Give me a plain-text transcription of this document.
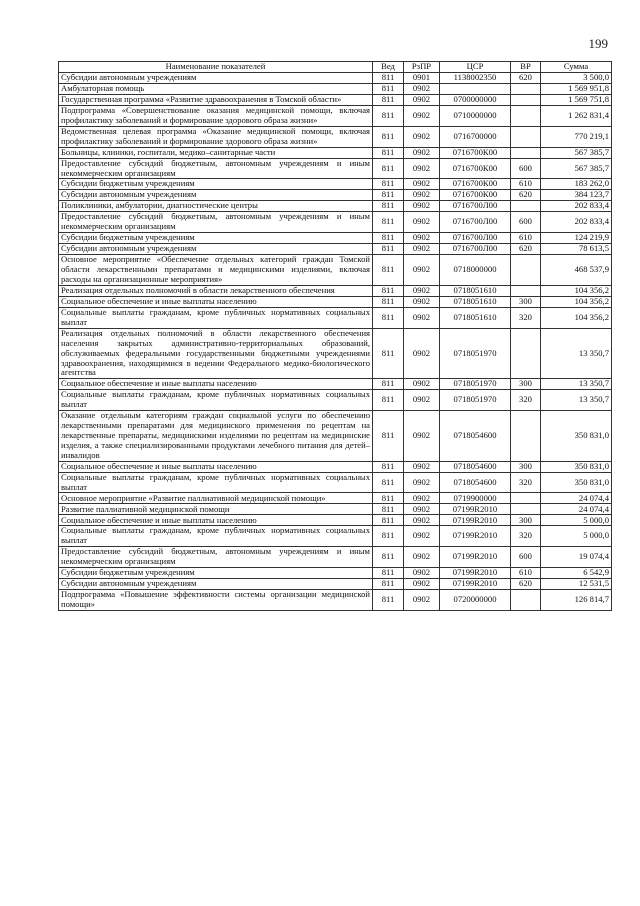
199
Наименование показателей	Вед	РзПР	ЦСР	ВР	Сумма
Субсидии автономным учреждениям	811	0901	1138002350	620	3 500,0
Амбулаторная помощь	811	0902			1 569 951,8
Государственная программа «Развитие здравоохранения в Томской области»	811	0902	0700000000		1 569 751,8
Подпрограмма «Совершенствование оказания медицинской помощи, включая профилактику заболеваний и формирование здорового образа жизни»	811	0902	0710000000		1 262 831,4
Ведомственная целевая программа «Оказание медицинской помощи, включая профилактику заболеваний и формирование здорового образа жизни»	811	0902	0716700000		770 219,1
Больницы, клиники, госпитали, медико–санитарные части	811	0902	0716700К00		567 385,7
Предоставление субсидий бюджетным, автономным учреждениям и иным некоммерческим организациям	811	0902	0716700К00	600	567 385,7
Субсидии бюджетным учреждениям	811	0902	0716700К00	610	183 262,0
Субсидии автономным учреждениям	811	0902	0716700К00	620	384 123,7
Поликлиники, амбулатории, диагностические центры	811	0902	0716700Л00		202 833,4
Предоставление субсидий бюджетным, автономным учреждениям и иным некоммерческим организациям	811	0902	0716700Л00	600	202 833,4
Субсидии бюджетным учреждениям	811	0902	0716700Л00	610	124 219,9
Субсидии автономным учреждениям	811	0902	0716700Л00	620	78 613,5
Основное мероприятие «Обеспечение отдельных категорий граждан Томской области лекарственными препаратами и медицинскими изделиями, включая расходы на организационные мероприятия»	811	0902	0718000000		468 537,9
Реализация отдельных полномочий в области лекарственного обеспечения	811	0902	0718051610		104 356,2
Социальное обеспечение и иные выплаты населению	811	0902	0718051610	300	104 356,2
Социальные выплаты гражданам, кроме публичных нормативных социальных выплат	811	0902	0718051610	320	104 356,2
Реализация отдельных полномочий в области лекарственного обеспечения населения закрытых административно-территориальных образований, обслуживаемых федеральными государственными бюджетными учреждениями здравоохранения, находящимися в ведении Федерального медико-биологического агентства	811	0902	0718051970		13 350,7
Социальное обеспечение и иные выплаты населению	811	0902	0718051970	300	13 350,7
Социальные выплаты гражданам, кроме публичных нормативных социальных выплат	811	0902	0718051970	320	13 350,7
Оказание отдельным категориям граждан социальной услуги по обеспечению лекарственными препаратами для медицинского применения по рецептам на лекарственные препараты, медицинскими изделиями по рецептам на медицинские изделия, а также специализированными продуктами лечебного питания для детей–инвалидов	811	0902	0718054600		350 831,0
Социальное обеспечение и иные выплаты населению	811	0902	0718054600	300	350 831,0
Социальные выплаты гражданам, кроме публичных нормативных социальных выплат	811	0902	0718054600	320	350 831,0
Основное мероприятие «Развитие паллиативной медицинской помощи»	811	0902	0719900000		24 074,4
Развитие паллиативной медицинской помощи	811	0902	07199R2010		24 074,4
Социальное обеспечение и иные выплаты населению	811	0902	07199R2010	300	5 000,0
Социальные выплаты гражданам, кроме публичных нормативных социальных выплат	811	0902	07199R2010	320	5 000,0
Предоставление субсидий бюджетным, автономным учреждениям и иным некоммерческим организациям	811	0902	07199R2010	600	19 074,4
Субсидии бюджетным учреждениям	811	0902	07199R2010	610	6 542,9
Субсидии автономным учреждениям	811	0902	07199R2010	620	12 531,5
Подпрограмма «Повышение эффективности системы организации медицинской помощи»	811	0902	0720000000		126 814,7
